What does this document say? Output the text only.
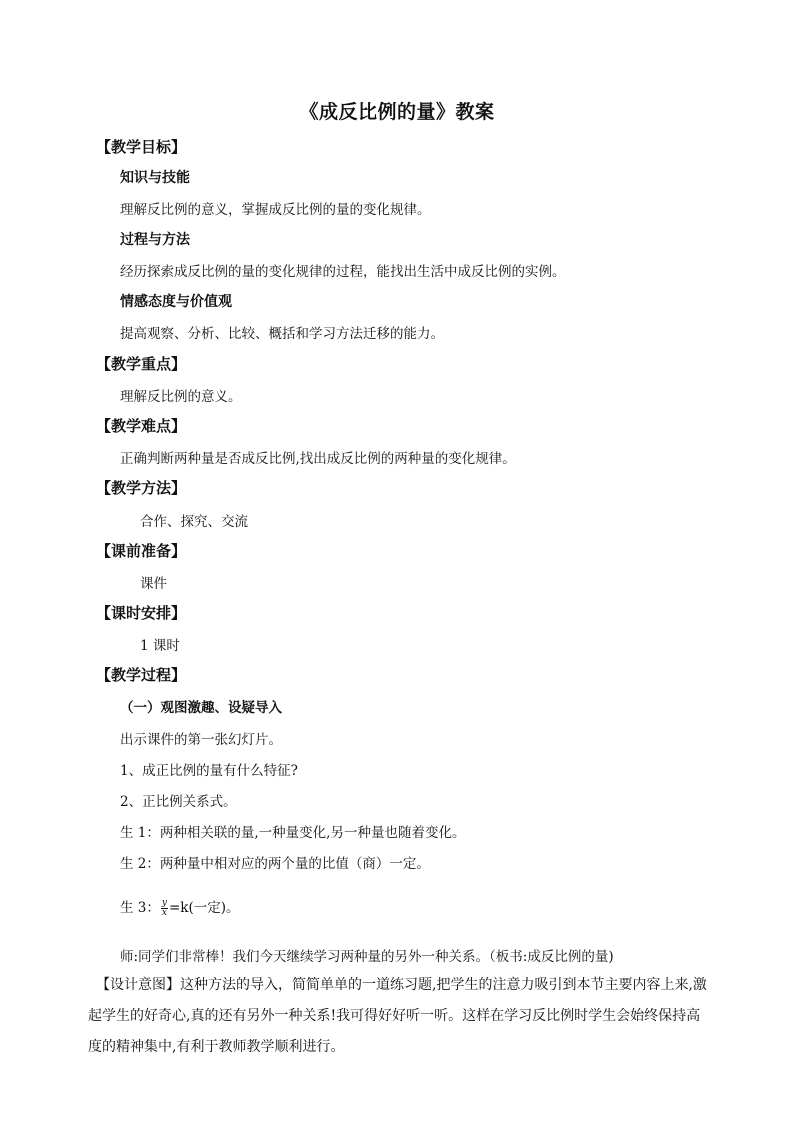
《成反比例的量》教案
【教学目标】
知识与技能
理解反比例的意义，掌握成反比例的量的变化规律。
过程与方法
经历探索成反比例的量的变化规律的过程，能找出生活中成反比例的实例。
情感态度与价值观
提高观察、分析、比较、概括和学习方法迁移的能力。
【教学重点】
理解反比例的意义。
【教学难点】
正确判断两种量是否成反比例,找出成反比例的两种量的变化规律。
【教学方法】
合作、探究、交流
【课前准备】
课件
【课时安排】
1 课时
【教学过程】
（一）观图激趣、设疑导入
出示课件的第一张幻灯片。
1、成正比例的量有什么特征?
2、正比例关系式。
生 1：两种相关联的量,一种量变化,另一种量也随着变化。
生 2：两种量中相对应的两个量的比值（商）一定。
生 3： $\frac{y}{x} =k$(一定)。
师:同学们非常棒！我们今天继续学习两种量的另外一种关系。（板书:成反比例的量)
【设计意图】这种方法的导入，简简单单的一道练习题,把学生的注意力吸引到本节主要内容上来,激起学生的好奇心,真的还有另外一种关系!我可得好好听一听。这样在学习反比例时学生会始终保持高度的精神集中,有利于教师教学顺利进行。
